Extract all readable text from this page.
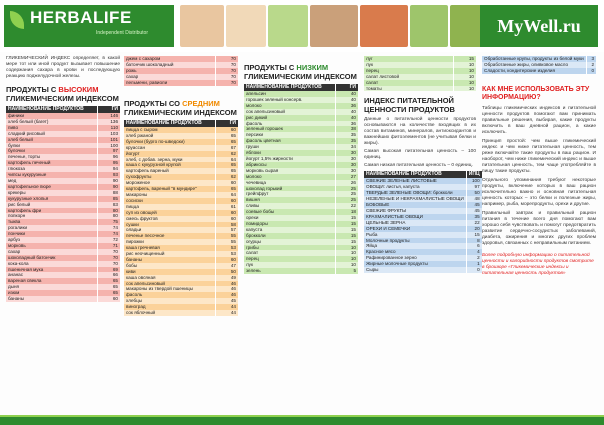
HERBALIFE
Independent Distributor	MyWell.ru
ГЛИКЕМИЧЕСКИЙ ИНДЕКС определяет, в какой мере тот или иной продукт вызывает повышение содержания сахара в крови и последующую реакцию поджелудочной железы.
ПРОДУКТЫ С ВЫСОКИМ ГЛИКЕМИЧЕСКИМ ИНДЕКСОМ
НАИМЕНОВАНИЕ ПРОДУКТОВ	ГИ
финики	146
хлеб белый (багет)	136
пиво	110
сладкий рисовый	103
хлеб белый	101
булки	100
булочки	97
печенье, торты	96
картофель печеный	95
глюкоза	94
чипсы кукурузные	93
мед	90
картофельное пюре	90
крекеры	88
кукурузные хлопья	85
рис белый	83
картофель фри	80
попкорн	80
тыква	75
рогалики	74
пончики	74
арбуз	72
морковь	71
сахар	70
шоколадный батончик	70
кока-кола	70
пшеничная мука	69
ананас	66
вареная свекла	65
дыня	65
изюм	65
бананы	60
джем с сахаром	70
батончик шоколадный	70
рожь	70
сахар	70
пельмени, равиоли	70
ПРОДУКТЫ СО СРЕДНИМ ГЛИКЕМИЧЕСКИМ ИНДЕКСОМ
НАИМЕНОВАНИЕ ПРОДУКТОВ	ГИ
пицца с сыром	60
хлеб ржаной	65
булочки (бурго по-шведски)	65
круассан	67
йогурт	62
хлеб, с добав. зерна, муки	64
каша с кукурузной крупой	65
картофель вареный	65
сухофрукты	62
мороженое	60
картофель, вареный "в мундире"	65
макароны	64
сосиски	60
пицца	61
суп из овощей	60
смесь фруктов	60
сушки	58
оладьи	57
печенье песочное	55
пирожки	55
каша гречневая	53
рис неочищенный	53
бананы	60
бобы	47
киви	50
каша овсяная	49
сок апельсиновый	46
макароны из твердой пшеницы	46
фасоль	46
хлебцы	45
виноград	44
сок яблочный	44
ПРОДУКТЫ С НИЗКИМ ГЛИКЕМИЧЕСКИМ ИНДЕКСОМ
НАИМЕНОВАНИЕ ПРОДУКТОВ	ГИ
апельсин	40
горошек зеленый консерв.	40
молоко	36
сок апельсиновый	40
рис дикий	40
фасоль	36
зеленый горошек	38
персики	35
фасоль цветная	35
груши	34
яблоки	30
йогурт 1,5% жирности	30
абрикосы	30
морковь сырая	30
молоко	27
чечевица	26
шоколад горький	25
грейпфрут	25
вишня	25
сливы	22
соевые бобы	18
орехи	15
помидоры	15
капуста	15
брокколи	15
огурцы	15
грибы	10
салат	10
перец	10
лук	10
зелень	5
луг	15
лук	10
перец	10
салат листовой	10
салат	10
томаты	10
ИНДЕКС ПИТАТЕЛЬНОЙ ЦЕННОСТИ ПРОДУКТОВ
Данные о питательной ценности продуктов основываются на количестве входящих в их состав витаминов, минералов, антиоксидантов и важнейших фитоэлементов (не учитывая белки и жиры).
Самая высокая питательная ценность – 100 единиц.
Самая низкая питательная ценность – 0 единиц.
НАИМЕНОВАНИЕ ПРОДУКТОВ	ИПЦ
СВЕЖИЕ ЗЕЛЕНЫЕ ЛИСТОВЫЕ	100
ОВОЩИ: листья, капуста	97
ТВЕРДЫЕ ЗЕЛЕНЫЕ ОВОЩИ: брокколи	50
НЕЗЕЛЕНЫЕ И НЕКРАХМАЛИСТЫЕ ОВОЩИ	48
БОБОВЫЕ	45
СВЕЖИЕ ФРУКТЫ	45
КРАХМАЛИСТЫЕ ОВОЩИ	35
ЦЕЛЬНЫЕ ЗЕРНА	22
ОРЕХИ И СЕМЕЧКИ	20
Рыба	15
Молочные продукты	8
Яйца	6
Красное мясо	4
Рафинированное зерно	2
Жирные молочные продукты	1
Сыры	0
Обработанные крупы, продукты из белой муки	3
Обработанные жиры, оливковое масло	2
Сладости, кондитерские изделия	0
КАК МНЕ ИСПОЛЬЗОВАТЬ ЭТУ ИНФОРМАЦИЮ?
Таблицы гликемических индексов и питательной ценности продуктов помогают вам принимать правильные решения, выбирая, какие продукты включить в ваш дневной рацион, а какие исключить.
Принцип простой: чем выше гликемический индекс и чем ниже питательная ценность, тем реже включайте такие продукты в ваш рацион. И наоборот, чем ниже гликемический индекс и выше питательная ценность, тем чаще употребляйте в пищу такие продукты.
Отдельного упоминания требуют некоторые продукты, включение которых в ваш рацион исключительно важно и основная питательная ценность которых – это белки и полезные жиры, например, рыба, морепродукты, орехи и другие.
Правильный завтрак и правильный рацион питания в течение всего дня помогают вам хорошо себя чувствовать и помогут предотвратить развитие сердечно-сосудистых заболеваний, диабета, ожирения и многих других проблем здоровья, связанных с неправильным питанием.
Более подробную информацию о питательной ценности и калорийности продуктов смотрите в брошюре «Гликемические индексы и питательная ценность продуктов»
